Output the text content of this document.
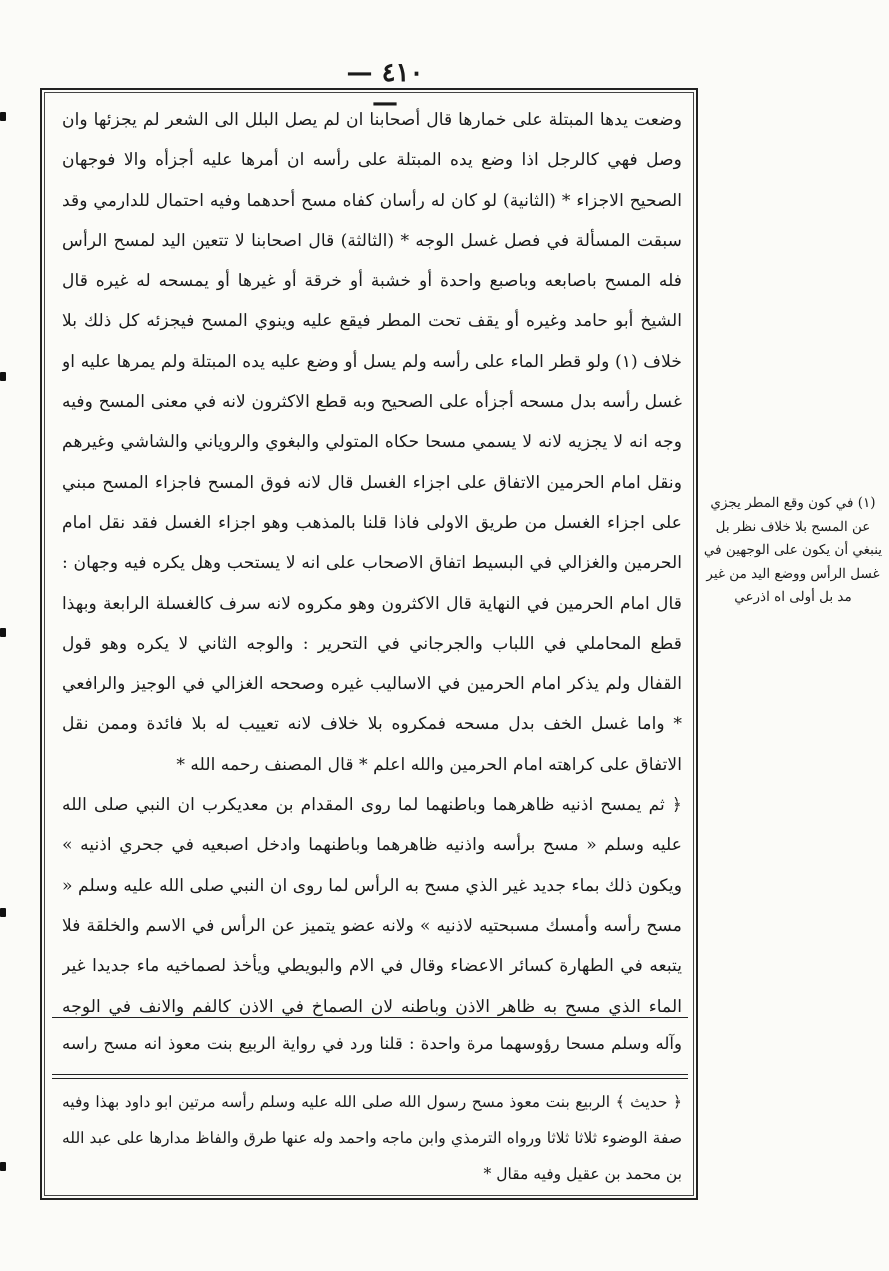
— ٤١٠ —

وضعت يدها المبتلة على خمارها قال أصحابنا ان لم يصل البلل الى الشعر لم يجزئها وان وصل فهي كالرجل اذا وضع يده المبتلة على رأسه ان أمرها عليه أجزأه والا فوجهان الصحيح الاجزاء * (الثانية) لو كان له رأسان كفاه مسح أحدهما وفيه احتمال للدارمي وقد سبقت المسألة في فصل غسل الوجه * (الثالثة) قال اصحابنا لا تتعين اليد لمسح الرأس فله المسح باصابعه وباصبع واحدة أو خشبة أو خرقة أو غيرها أو يمسحه له غيره قال الشيخ أبو حامد وغيره أو يقف تحت المطر فيقع عليه وينوي المسح فيجزئه كل ذلك بلا خلاف (١) ولو قطر الماء على رأسه ولم يسل أو وضع عليه يده المبتلة ولم يمرها عليه او غسل رأسه بدل مسحه أجزأه على الصحيح وبه قطع الاكثرون لانه في معنى المسح وفيه وجه انه لا يجزيه لانه لا يسمي مسحا حكاه المتولي والبغوي والروياني والشاشي وغيرهم ونقل امام الحرمين الاتفاق على اجزاء الغسل قال لانه فوق المسح فاجزاء المسح مبني على اجزاء الغسل من طريق الاولى فاذا قلنا بالمذهب وهو اجزاء الغسل فقد نقل امام الحرمين والغزالي في البسيط اتفاق الاصحاب على انه لا يستحب وهل يكره فيه وجهان : قال امام الحرمين في النهاية قال الاكثرون وهو مكروه لانه سرف كالغسلة الرابعة وبهذا قطع المحاملي في اللباب والجرجاني في التحرير : والوجه الثاني لا يكره وهو قول القفال ولم يذكر امام الحرمين في الاساليب غيره وصححه الغزالي في الوجيز والرافعي * واما غسل الخف بدل مسحه فمكروه بلا خلاف لانه تعييب له بلا فائدة وممن نقل الاتفاق على كراهته امام الحرمين والله اعلم * قال المصنف رحمه الله *

﴿ ثم يمسح اذنيه ظاهرهما وباطنهما لما روى المقدام بن معديكرب ان النبي صلى الله عليه وسلم « مسح برأسه واذنيه ظاهرهما وباطنهما وادخل اصبعيه في جحري اذنيه » ويكون ذلك بماء جديد غير الذي مسح به الرأس لما روى ان النبي صلى الله عليه وسلم « مسح رأسه وأمسك مسبحتيه لاذنيه » ولانه عضو يتميز عن الرأس في الاسم والخلقة فلا يتبعه في الطهارة كسائر الاعضاء وقال في الام والبويطي ويأخذ لصماخيه ماء جديدا غير الماء الذي مسح به ظاهر الاذن وباطنه لان الصماخ في الاذن كالفم والانف في الوجه

وآله وسلم مسحا رؤوسهما مرة واحدة : قلنا ورد في رواية الربيع بنت معوذ انه مسح راسه
﴿ حديث ﴾ الربيع بنت معوذ مسح رسول الله صلى الله عليه وسلم رأسه مرتين ابو داود بهذا وفيه صفة الوضوء ثلاثا ثلاثا ورواه الترمذي وابن ماجه واحمد وله عنها طرق والفاظ مدارها على عبد الله بن محمد بن عقيل وفيه مقال *
(١) في كون وقع المطر يجزي عن المسح بلا خلاف نظر بل ينبغي أن يكون على الوجهين في غسل الرأس ووضع اليد من غير مد بل أولى اه اذرعي
